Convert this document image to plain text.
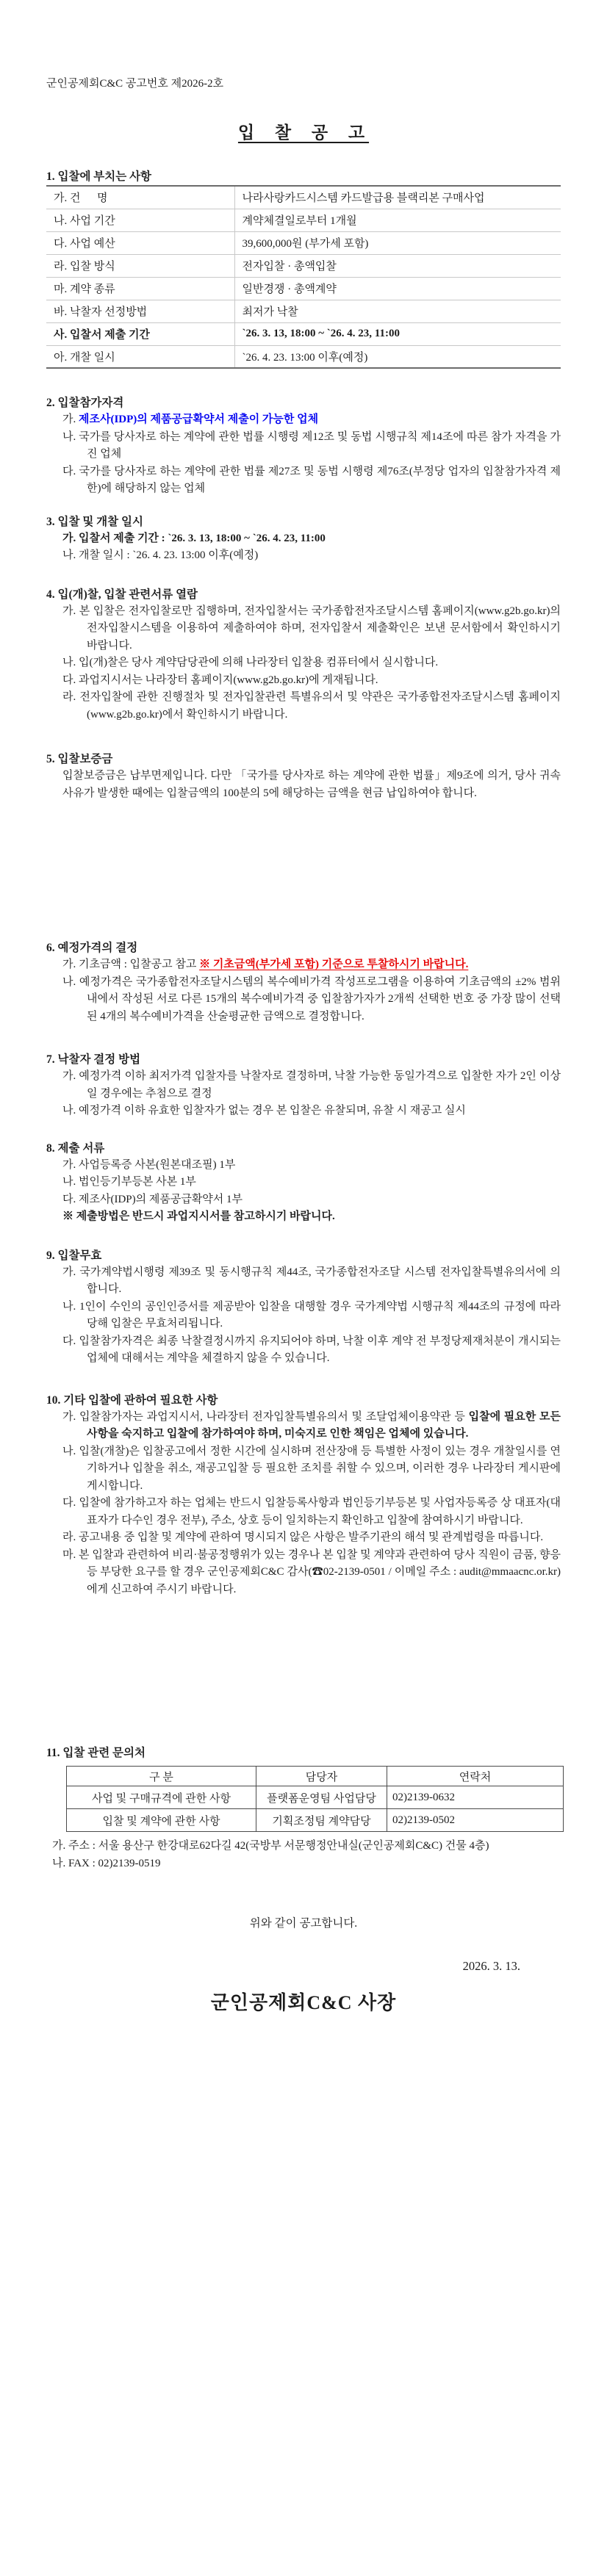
군인공제회C&C 공고번호 제2026-2호
입 찰 공 고
1. 입찰에 부치는 사항
가. 건      명	나라사랑카드시스템 카드발급용 블랙리본 구매사업
나. 사업 기간	계약체결일로부터 1개월
다. 사업 예산	39,600,000원 (부가세 포함)
라. 입찰 방식	전자입찰 · 총액입찰
마. 계약 종류	일반경쟁 · 총액계약
바. 낙찰자 선정방법	최저가 낙찰
사. 입찰서 제출 기간	`26. 3. 13, 18:00 ~ `26. 4. 23, 11:00
아. 개찰 일시	`26. 4. 23. 13:00 이후(예정)
2. 입찰참가자격
가. 제조사(IDP)의 제품공급확약서 제출이 가능한 업체
나. 국가를 당사자로 하는 계약에 관한 법률 시행령 제12조 및 동법 시행규칙 제14조에 따른 참가 자격을 가진 업체
다. 국가를 당사자로 하는 계약에 관한 법률 제27조 및 동법 시행령 제76조(부정당 업자의 입찰참가자격 제한)에 해당하지 않는 업체
3. 입찰 및 개찰 일시
가. 입찰서 제출 기간 : `26. 3. 13, 18:00 ~ `26. 4. 23, 11:00
나. 개찰 일시 : `26. 4. 23. 13:00 이후(예정)
4. 입(개)찰, 입찰 관련서류 열람
가. 본 입찰은 전자입찰로만 집행하며, 전자입찰서는 국가종합전자조달시스템 홈페이지(www.g2b.go.kr)의 전자입찰시스템을 이용하여 제출하여야 하며, 전자입찰서 제출확인은 보낸 문서함에서 확인하시기 바랍니다.
나. 입(개)찰은 당사 계약담당관에 의해 나라장터 입찰용 컴퓨터에서 실시합니다.
다. 과업지시서는 나라장터 홈페이지(www.g2b.go.kr)에 게재됩니다.
라. 전자입찰에 관한 진행절차 및 전자입찰관련 특별유의서 및 약관은 국가종합전자조달시스템 홈페이지(www.g2b.go.kr)에서 확인하시기 바랍니다.
5. 입찰보증금
입찰보증금은 납부면제입니다. 다만 「국가를 당사자로 하는 계약에 관한 법률」제9조에 의거, 당사 귀속 사유가 발생한 때에는 입찰금액의 100분의 5에 해당하는 금액을 현금 납입하여야 합니다.
6. 예정가격의 결정
가. 기초금액 : 입찰공고 참고 ※ 기초금액(부가세 포함) 기준으로 투찰하시기 바랍니다.
나. 예정가격은 국가종합전자조달시스템의 복수예비가격 작성프로그램을 이용하여 기초금액의 ±2% 범위 내에서 작성된 서로 다른 15개의 복수예비가격 중 입찰참가자가 2개씩 선택한 번호 중 가장 많이 선택된 4개의 복수예비가격을 산술평균한 금액으로 결정합니다.
7. 낙찰자 결정 방법
가. 예정가격 이하 최저가격 입찰자를 낙찰자로 결정하며, 낙찰 가능한 동일가격으로 입찰한 자가 2인 이상일 경우에는 추첨으로 결정
나. 예정가격 이하 유효한 입찰자가 없는 경우 본 입찰은 유찰되며, 유찰 시 재공고 실시
8. 제출 서류
가. 사업등록증 사본(원본대조필) 1부
나. 법인등기부등본 사본 1부
다. 제조사(IDP)의 제품공급확약서 1부
※ 제출방법은 반드시 과업지시서를 참고하시기 바랍니다.
9. 입찰무효
가. 국가계약법시행령 제39조 및 동시행규칙 제44조, 국가종합전자조달 시스템 전자입찰특별유의서에 의합니다.
나. 1인이 수인의 공인인증서를 제공받아 입찰을 대행할 경우 국가계약법 시행규칙 제44조의 규정에 따라 당해 입찰은 무효처리됩니다.
다. 입찰참가자격은 최종 낙찰결정시까지 유지되어야 하며, 낙찰 이후 계약 전 부정당제재처분이 개시되는 업체에 대해서는 계약을 체결하지 않을 수 있습니다.
10. 기타 입찰에 관하여 필요한 사항
가. 입찰참가자는 과업지시서, 나라장터 전자입찰특별유의서 및 조달업체이용약관 등 입찰에 필요한 모든 사항을 숙지하고 입찰에 참가하여야 하며, 미숙지로 인한 책임은 업체에 있습니다.
나. 입찰(개찰)은 입찰공고에서 정한 시간에 실시하며 전산장애 등 특별한 사정이 있는 경우 개찰일시를 연기하거나 입찰을 취소, 재공고입찰 등 필요한 조치를 취할 수 있으며, 이러한 경우 나라장터 게시판에 게시합니다.
다. 입찰에 참가하고자 하는 업체는 반드시 입찰등록사항과 법인등기부등본 및 사업자등록증 상 대표자(대표자가 다수인 경우 전부), 주소, 상호 등이 일치하는지 확인하고 입찰에 참여하시기 바랍니다.
라. 공고내용 중 입찰 및 계약에 관하여 명시되지 않은 사항은 발주기관의 해석 및 관계법령을 따릅니다.
마. 본 입찰과 관련하여 비리·불공정행위가 있는 경우나 본 입찰 및 계약과 관련하여 당사 직원이 금품, 향응 등 부당한 요구를 할 경우 군인공제회C&C 감사(☎02-2139-0501 / 이메일 주소 : audit@mmaacnc.or.kr)에게 신고하여 주시기 바랍니다.
11. 입찰 관련 문의처
구 분	담당자	연락처
사업 및 구매규격에 관한 사항	플랫폼운영팀 사업담당	02)2139-0632
입찰 및 계약에 관한 사항	기획조정팀 계약담당	02)2139-0502
가. 주소 : 서울 용산구 한강대로62다길 42(국방부 서문행정안내실(군인공제회C&C) 건물 4층)
나. FAX : 02)2139-0519
위와 같이 공고합니다.
2026. 3. 13.
군인공제회C&C 사장
